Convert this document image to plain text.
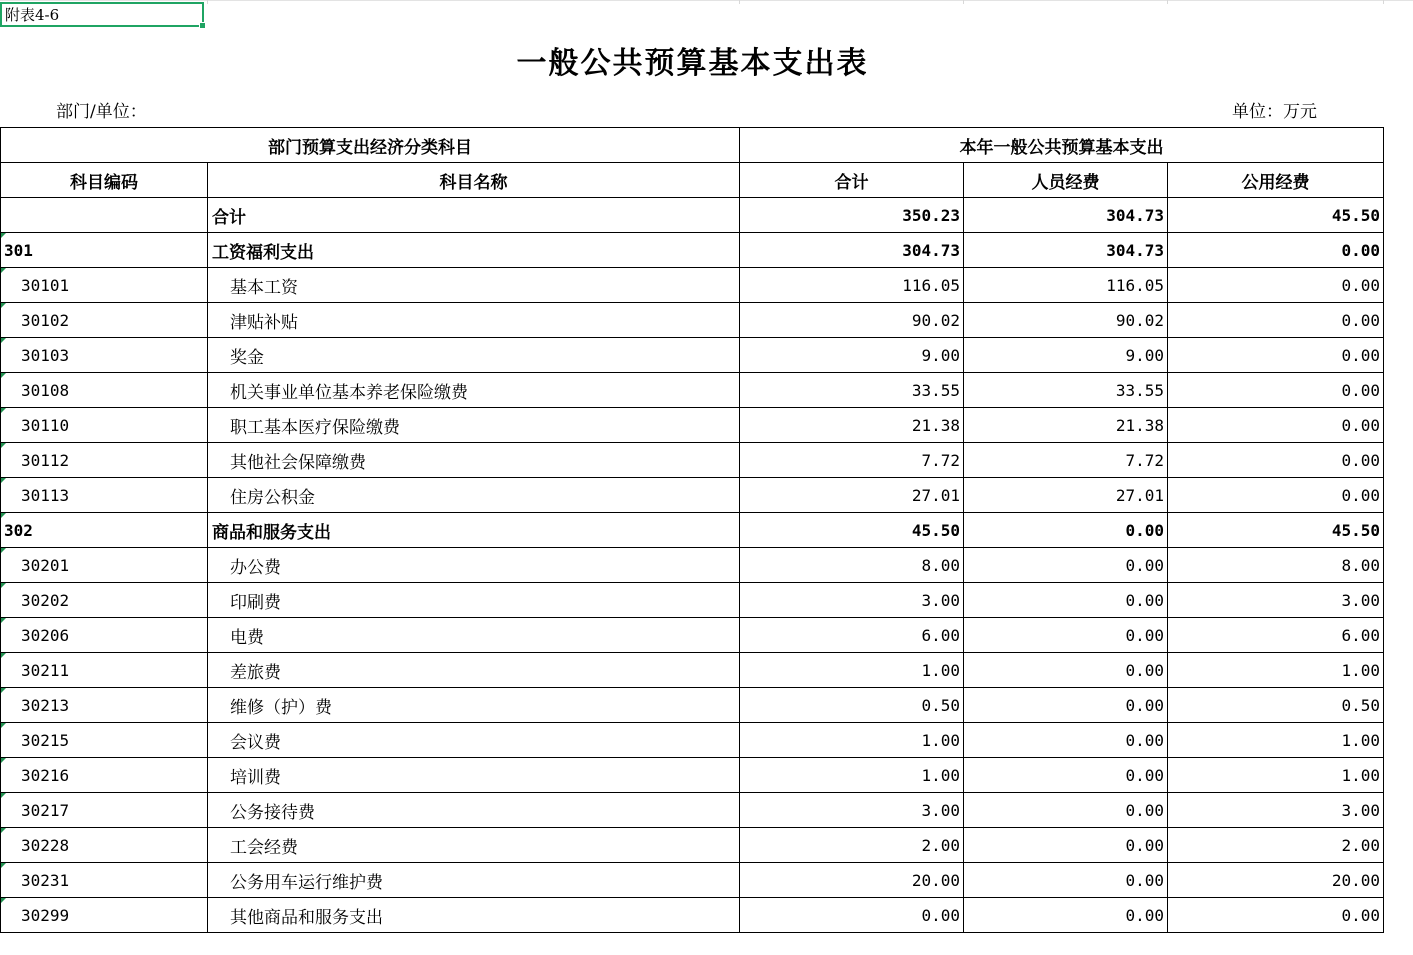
附表4-6
一般公共预算基本支出表
部门/单位：	单位：万元
部门预算支出经济分类科目		本年一般公共预算基本支出		
科目编码	科目名称	合计	人员经费	公用经费
	合计	350.23	304.73	45.50

301	工资福利支出	304.73	304.73	0.00

30101	基本工资	116.05	116.05	0.00

30102	津贴补贴	90.02	90.02	0.00

30103	奖金	9.00	9.00	0.00

30108	机关事业单位基本养老保险缴费	33.55	33.55	0.00

30110	职工基本医疗保险缴费	21.38	21.38	0.00

30112	其他社会保障缴费	7.72	7.72	0.00

30113	住房公积金	27.01	27.01	0.00

302	商品和服务支出	45.50	0.00	45.50

30201	办公费	8.00	0.00	8.00

30202	印刷费	3.00	0.00	3.00

30206	电费	6.00	0.00	6.00

30211	差旅费	1.00	0.00	1.00

30213	维修（护）费	0.50	0.00	0.50

30215	会议费	1.00	0.00	1.00

30216	培训费	1.00	0.00	1.00

30217	公务接待费	3.00	0.00	3.00

30228	工会经费	2.00	0.00	2.00

30231	公务用车运行维护费	20.00	0.00	20.00

30299	其他商品和服务支出	0.00	0.00	0.00
